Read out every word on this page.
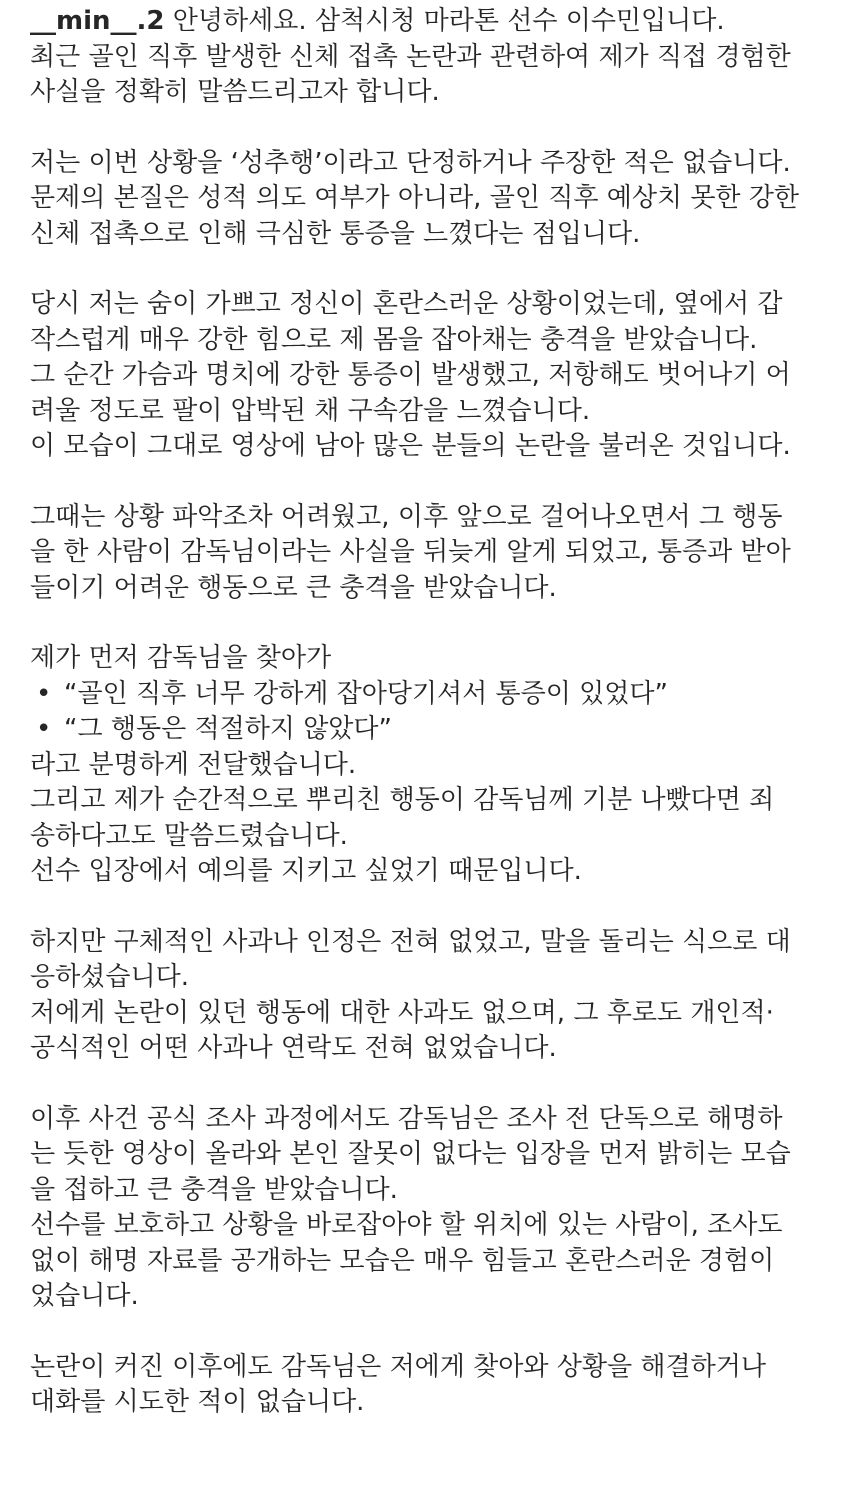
__min__.2 안녕하세요. 삼척시청 마라톤 선수 이수민입니다.
최근 골인 직후 발생한 신체 접촉 논란과 관련하여 제가 직접 경험한
사실을 정확히 말씀드리고자 합니다.
저는 이번 상황을 ‘성추행’이라고 단정하거나 주장한 적은 없습니다.
문제의 본질은 성적 의도 여부가 아니라, 골인 직후 예상치 못한 강한
신체 접촉으로 인해 극심한 통증을 느꼈다는 점입니다.
당시 저는 숨이 가쁘고 정신이 혼란스러운 상황이었는데, 옆에서 갑
작스럽게 매우 강한 힘으로 제 몸을 잡아채는 충격을 받았습니다.
그 순간 가슴과 명치에 강한 통증이 발생했고, 저항해도 벗어나기 어
려울 정도로 팔이 압박된 채 구속감을 느꼈습니다.
이 모습이 그대로 영상에 남아 많은 분들의 논란을 불러온 것입니다.
그때는 상황 파악조차 어려웠고, 이후 앞으로 걸어나오면서 그 행동
을 한 사람이 감독님이라는 사실을 뒤늦게 알게 되었고, 통증과 받아
들이기 어려운 행동으로 큰 충격을 받았습니다.
제가 먼저 감독님을 찾아가
• “골인 직후 너무 강하게 잡아당기셔서 통증이 있었다”
• “그 행동은 적절하지 않았다”
라고 분명하게 전달했습니다.
그리고 제가 순간적으로 뿌리친 행동이 감독님께 기분 나빴다면 죄
송하다고도 말씀드렸습니다.
선수 입장에서 예의를 지키고 싶었기 때문입니다.
하지만 구체적인 사과나 인정은 전혀 없었고, 말을 돌리는 식으로 대
응하셨습니다.
저에게 논란이 있던 행동에 대한 사과도 없으며, 그 후로도 개인적·
공식적인 어떤 사과나 연락도 전혀 없었습니다.
이후 사건 공식 조사 과정에서도 감독님은 조사 전 단독으로 해명하
는 듯한 영상이 올라와 본인 잘못이 없다는 입장을 먼저 밝히는 모습
을 접하고 큰 충격을 받았습니다.
선수를 보호하고 상황을 바로잡아야 할 위치에 있는 사람이, 조사도
없이 해명 자료를 공개하는 모습은 매우 힘들고 혼란스러운 경험이
었습니다.
논란이 커진 이후에도 감독님은 저에게 찾아와 상황을 해결하거나
대화를 시도한 적이 없습니다.
